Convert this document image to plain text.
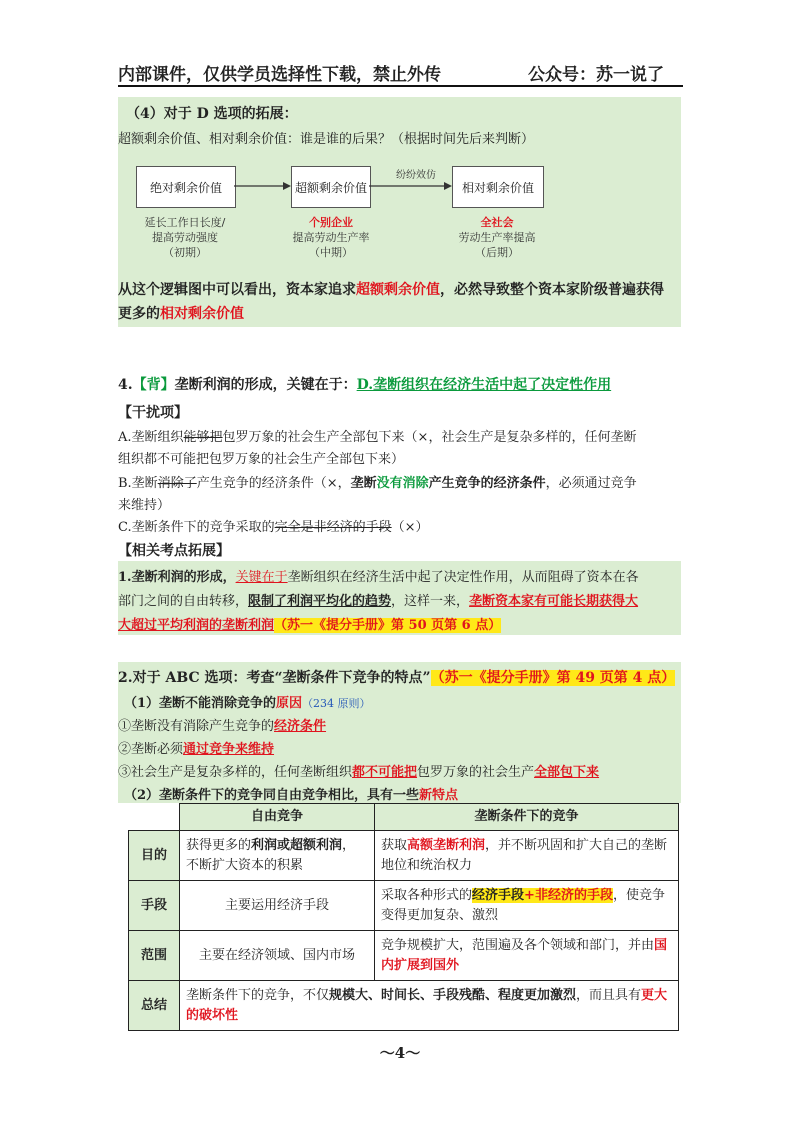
内部课件，仅供学员选择性下载，禁止外传	公众号：苏一说了
（4）对于 D 选项的拓展：
超额剩余价值、相对剩余价值：谁是谁的后果？（根据时间先后来判断）
绝对剩余价值	超额剩余价值	相对剩余价值
纷纷效仿
延长工作日长度/
提高劳动强度
（初期）
个别企业
提高劳动生产率
（中期）
全社会
劳动生产率提高
（后期）
从这个逻辑图中可以看出，资本家追求超额剩余价值，必然导致整个资本家阶级普遍获得
更多的相对剩余价值
4.【背】垄断利润的形成，关键在于：D.垄断组织在经济生活中起了决定性作用
【干扰项】
A.垄断组织能够把包罗万象的社会生产全部包下来（×，社会生产是复杂多样的，任何垄断
组织都不可能把包罗万象的社会生产全部包下来）
B.垄断消除了产生竞争的经济条件（×，垄断没有消除产生竞争的经济条件，必须通过竞争
来维持）
C.垄断条件下的竞争采取的完全是非经济的手段（×）
【相关考点拓展】
1.垄断利润的形成，关键在于垄断组织在经济生活中起了决定性作用，从而阻碍了资本在各
部门之间的自由转移，限制了利润平均化的趋势，这样一来，垄断资本家有可能长期获得大
大超过平均利润的垄断利润（苏一《提分手册》第 50 页第 6 点）
2.对于 ABC 选项：考查“垄断条件下竞争的特点”（苏一《提分手册》第 49 页第 4 点）
（1）垄断不能消除竞争的原因（234 原则）
①垄断没有消除产生竞争的经济条件
②垄断必须通过竞争来维持
③社会生产是复杂多样的，任何垄断组织都不可能把包罗万象的社会生产全部包下来
（2）垄断条件下的竞争同自由竞争相比，具有一些新特点
	自由竞争	垄断条件下的竞争
目的	获得更多的利润或超额利润，不断扩大资本的积累	获取高额垄断利润，并不断巩固和扩大自己的垄断地位和统治权力
手段	主要运用经济手段	采取各种形式的经济手段+非经济的手段，使竞争变得更加复杂、激烈
范围	主要在经济领域、国内市场	竞争规模扩大，范围遍及各个领域和部门，并由国内扩展到国外
总结	垄断条件下的竞争，不仅规模大、时间长、手段残酷、程度更加激烈，而且具有更大的破坏性	
～4～
